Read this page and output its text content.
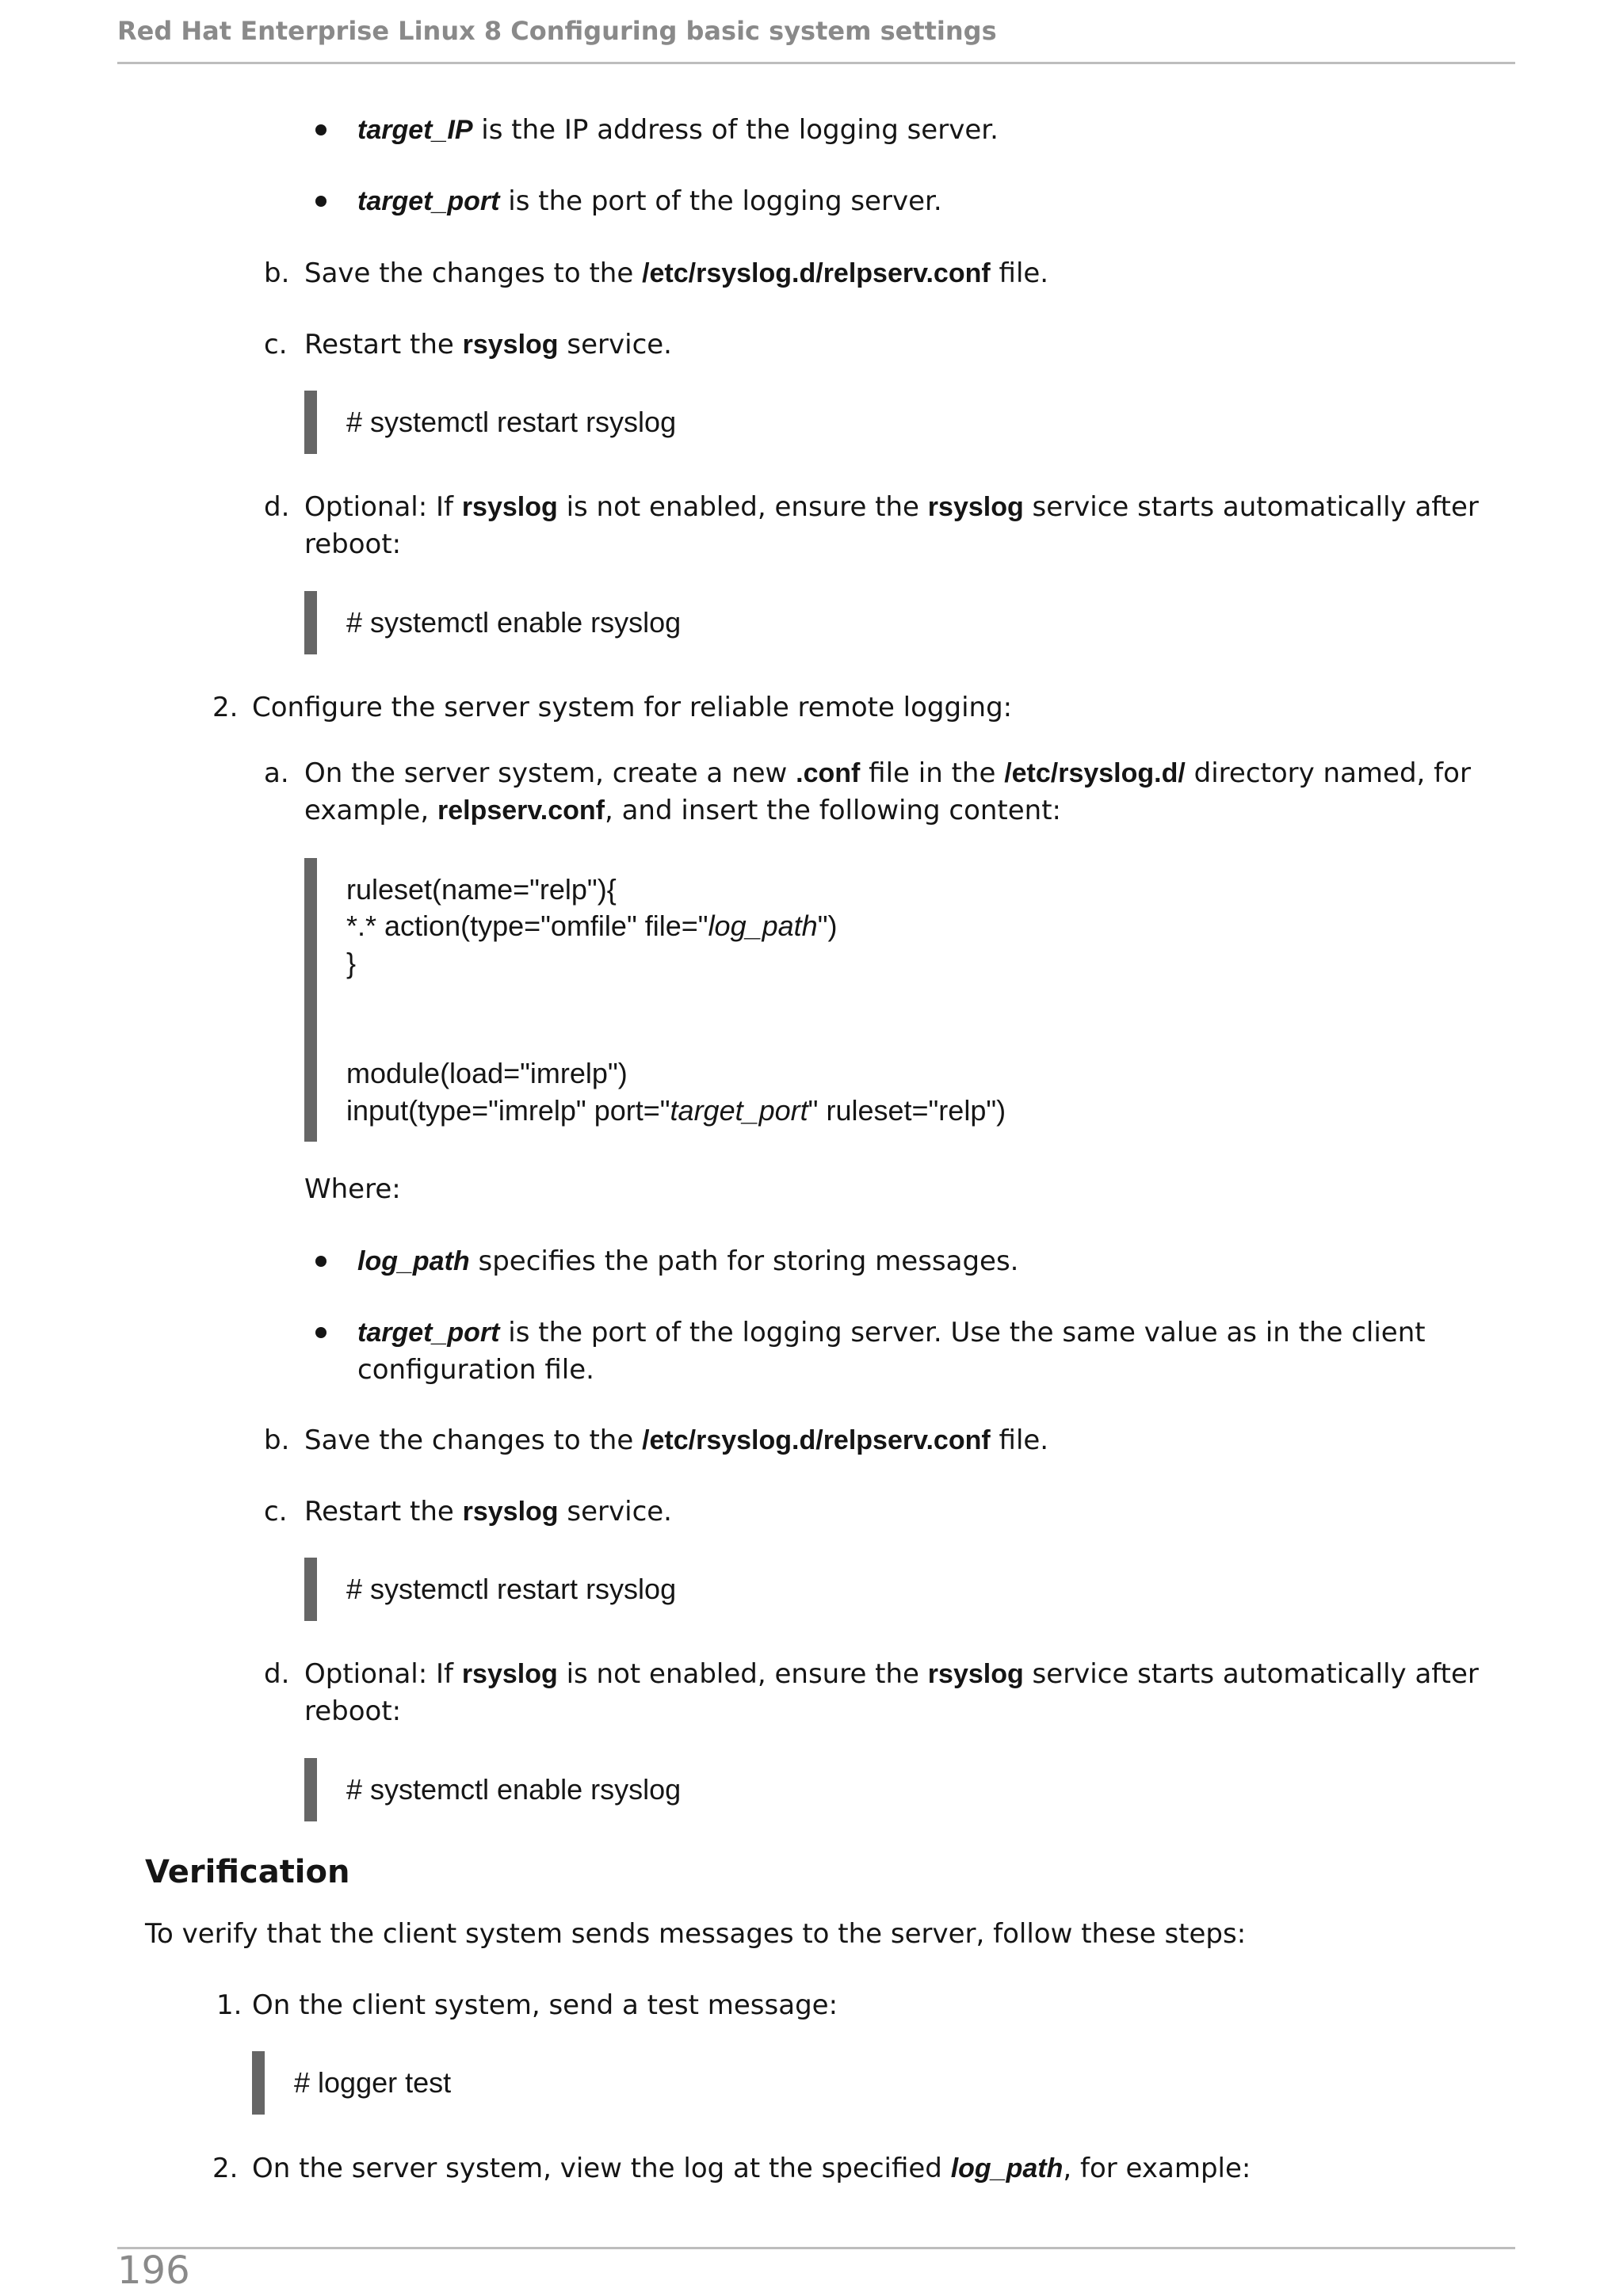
Red Hat Enterprise Linux 8 Configuring basic system settings
target_IP is the IP address of the logging server.
target_port is the port of the logging server.
b. Save the changes to the /etc/rsyslog.d/relpserv.conf file.
c. Restart the rsyslog service.
# systemctl restart rsyslog
d. Optional: If rsyslog is not enabled, ensure the rsyslog service starts automatically after
reboot:
# systemctl enable rsyslog
2. Configure the server system for reliable remote logging:
a. On the server system, create a new .conf file in the /etc/rsyslog.d/ directory named, for
example, relpserv.conf, and insert the following content:
ruleset(name="relp"){
*.* action(type="omfile" file="log_path")
}
module(load="imrelp")
input(type="imrelp" port="target_port" ruleset="relp")
Where:
log_path specifies the path for storing messages.
target_port is the port of the logging server. Use the same value as in the client
configuration file.
b. Save the changes to the /etc/rsyslog.d/relpserv.conf file.
c. Restart the rsyslog service.
# systemctl restart rsyslog
d. Optional: If rsyslog is not enabled, ensure the rsyslog service starts automatically after
reboot:
# systemctl enable rsyslog
Verification
To verify that the client system sends messages to the server, follow these steps:
1. On the client system, send a test message:
# logger test
2. On the server system, view the log at the specified log_path, for example:
196
